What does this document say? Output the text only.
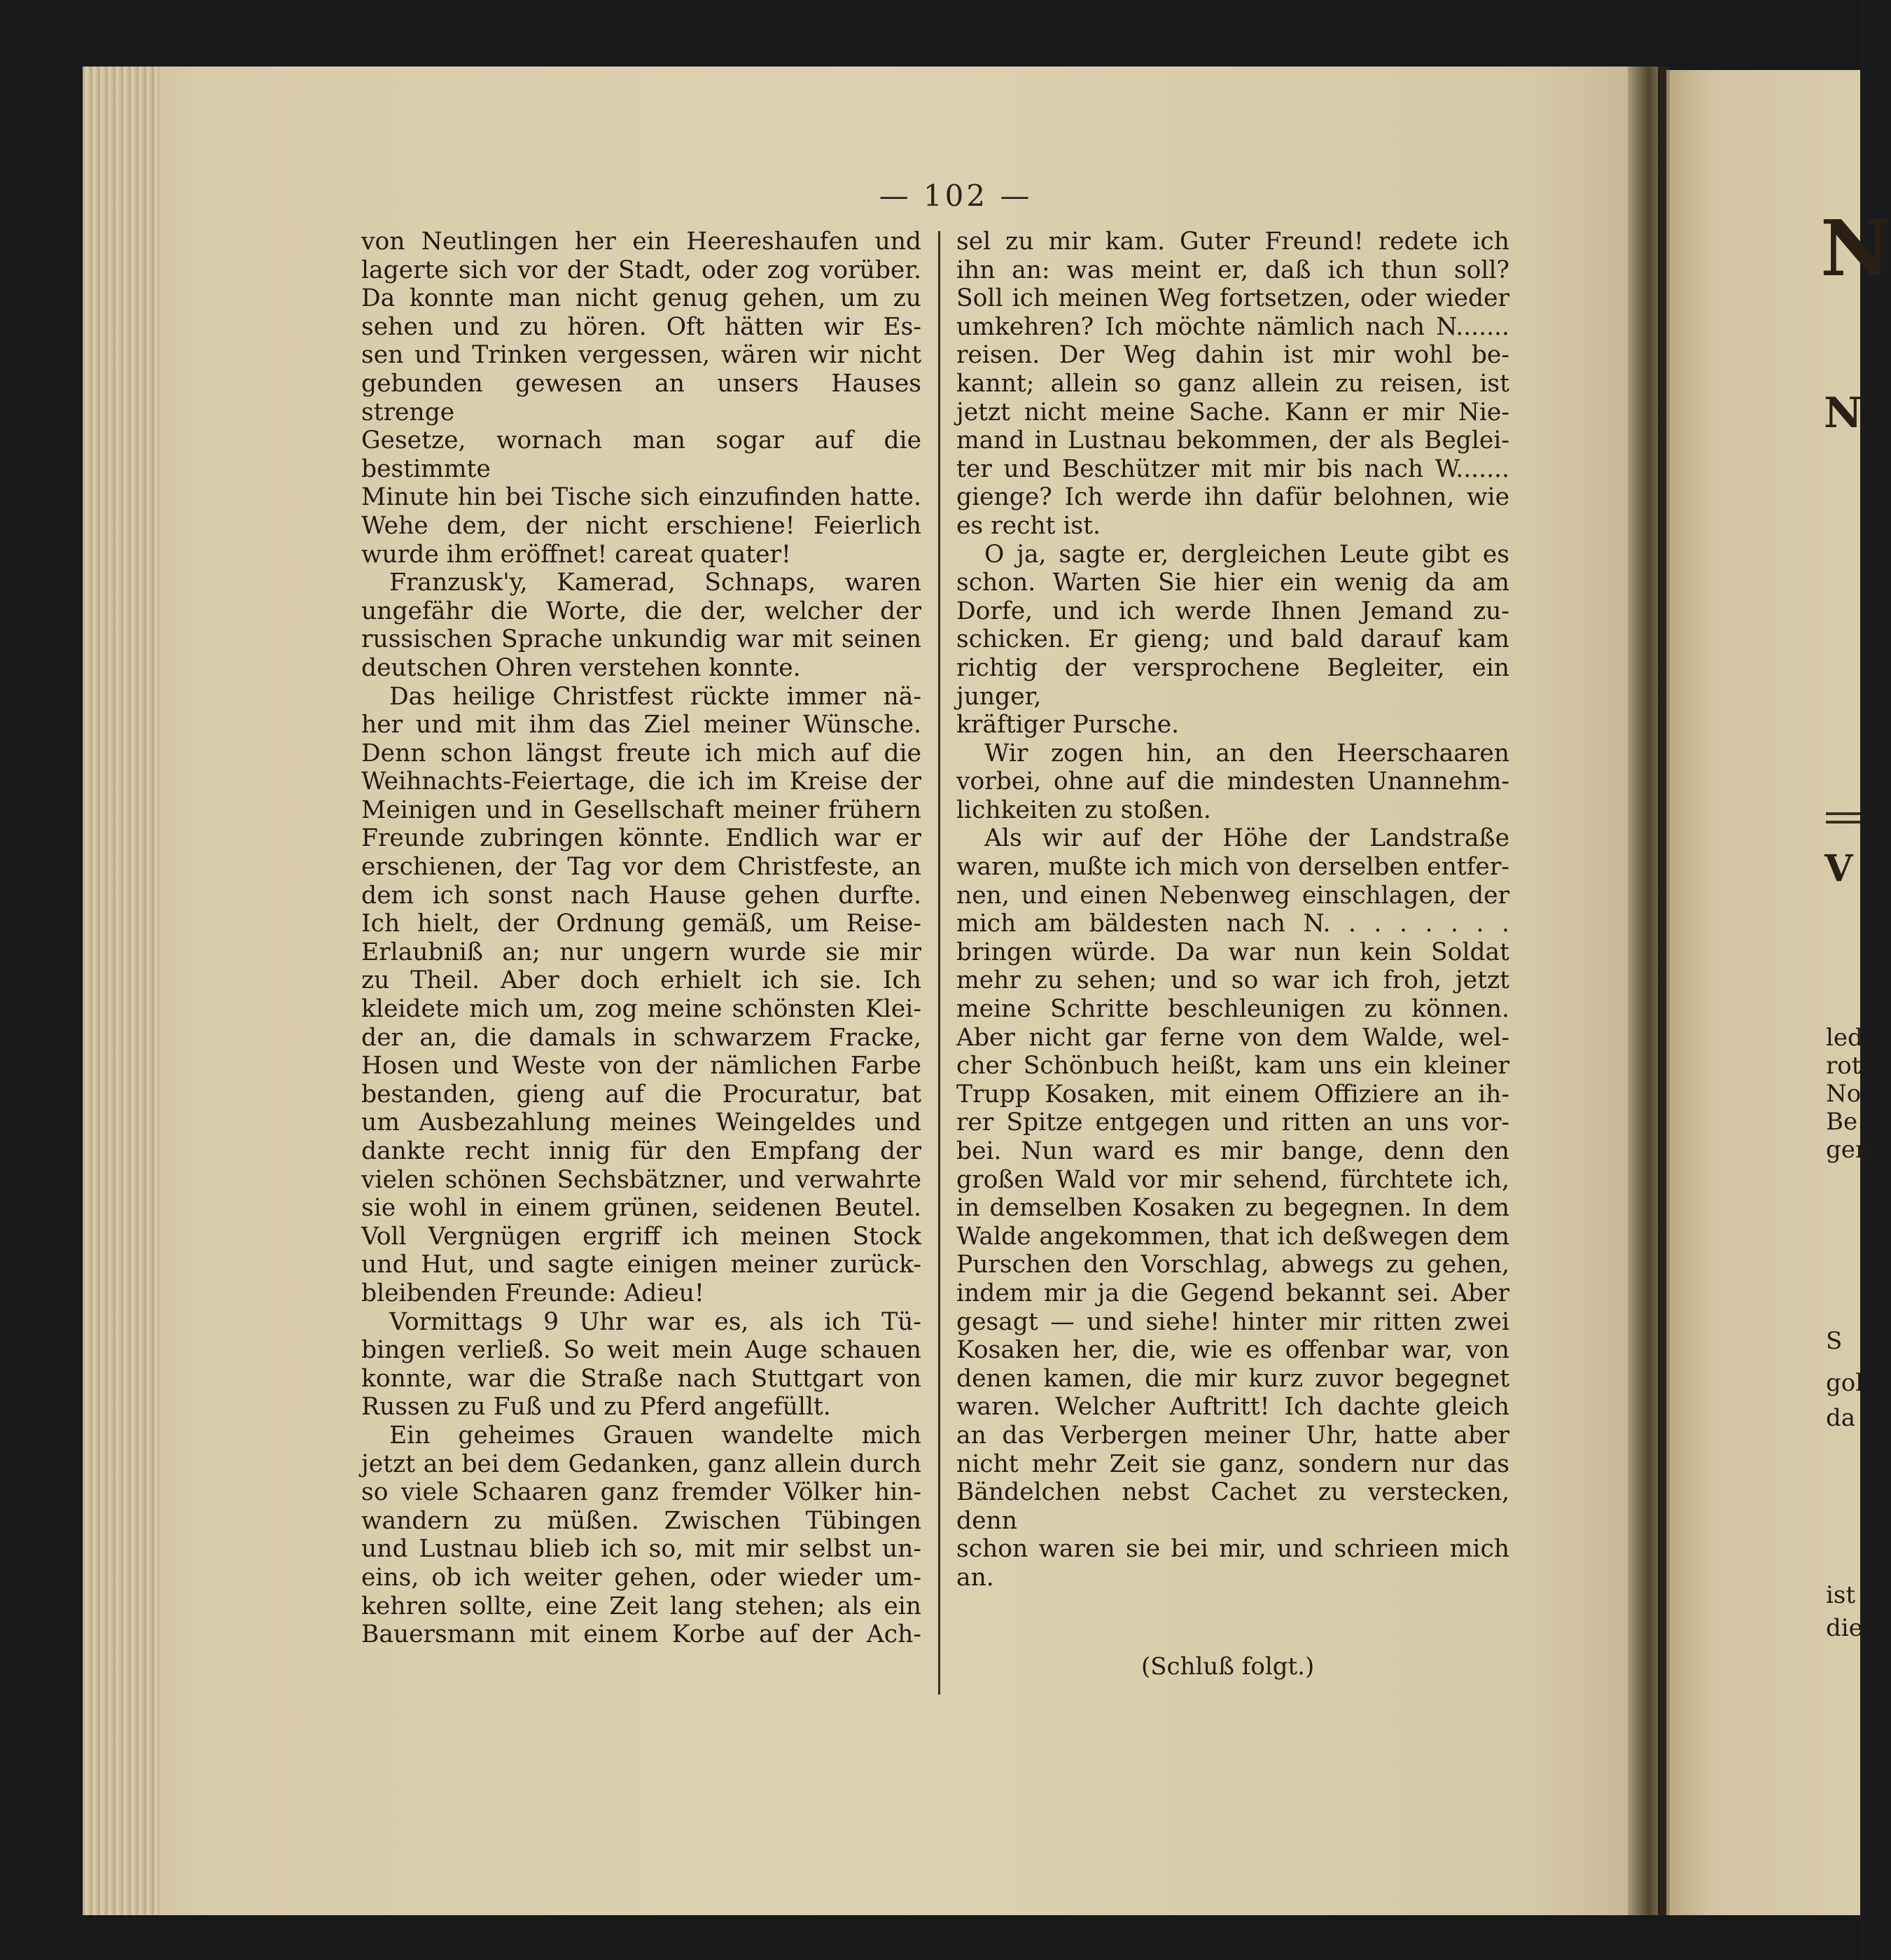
— 102 —

von Neutlingen her ein Heereshaufen und

lagerte sich vor der Stadt, oder zog vorüber.

Da konnte man nicht genug gehen, um zu

sehen und zu hören. Oft hätten wir Es-

sen und Trinken vergessen, wären wir nicht

gebunden gewesen an unsers Hauses strenge

Gesetze, wornach man sogar auf die bestimmte

Minute hin bei Tische sich einzufinden hatte.

Wehe dem, der nicht erschiene! Feierlich

wurde ihm eröffnet! careat quater!

Franzusk'y, Kamerad, Schnaps, waren

ungefähr die Worte, die der, welcher der

russischen Sprache unkundig war mit seinen

deutschen Ohren verstehen konnte.

Das heilige Christfest rückte immer nä-

her und mit ihm das Ziel meiner Wünsche.

Denn schon längst freute ich mich auf die

Weihnachts-Feiertage, die ich im Kreise der

Meinigen und in Gesellschaft meiner frühern

Freunde zubringen könnte. Endlich war er

erschienen, der Tag vor dem Christfeste, an

dem ich sonst nach Hause gehen durfte.

Ich hielt, der Ordnung gemäß, um Reise-

Erlaubniß an; nur ungern wurde sie mir

zu Theil. Aber doch erhielt ich sie. Ich

kleidete mich um, zog meine schönsten Klei-

der an, die damals in schwarzem Fracke,

Hosen und Weste von der nämlichen Farbe

bestanden, gieng auf die Procuratur, bat

um Ausbezahlung meines Weingeldes und

dankte recht innig für den Empfang der

vielen schönen Sechsbätzner, und verwahrte

sie wohl in einem grünen, seidenen Beutel.

Voll Vergnügen ergriff ich meinen Stock

und Hut, und sagte einigen meiner zurück-

bleibenden Freunde: Adieu!

Vormittags 9 Uhr war es, als ich Tü-

bingen verließ. So weit mein Auge schauen

konnte, war die Straße nach Stuttgart von

Russen zu Fuß und zu Pferd angefüllt.

Ein geheimes Grauen wandelte mich

jetzt an bei dem Gedanken, ganz allein durch

so viele Schaaren ganz fremder Völker hin-

wandern zu müßen. Zwischen Tübingen

und Lustnau blieb ich so, mit mir selbst un-

eins, ob ich weiter gehen, oder wieder um-

kehren sollte, eine Zeit lang stehen; als ein

Bauersmann mit einem Korbe auf der Ach-

sel zu mir kam. Guter Freund! redete ich

ihn an: was meint er, daß ich thun soll?

Soll ich meinen Weg fortsetzen, oder wieder

umkehren? Ich möchte nämlich nach N.......

reisen. Der Weg dahin ist mir wohl be-

kannt; allein so ganz allein zu reisen, ist

jetzt nicht meine Sache. Kann er mir Nie-

mand in Lustnau bekommen, der als Beglei-

ter und Beschützer mit mir bis nach W.......

gienge? Ich werde ihn dafür belohnen, wie

es recht ist.

O ja, sagte er, dergleichen Leute gibt es

schon. Warten Sie hier ein wenig da am

Dorfe, und ich werde Ihnen Jemand zu-

schicken. Er gieng; und bald darauf kam

richtig der versprochene Begleiter, ein junger,

kräftiger Pursche.

Wir zogen hin, an den Heerschaaren

vorbei, ohne auf die mindesten Unannehm-

lichkeiten zu stoßen.

Als wir auf der Höhe der Landstraße

waren, mußte ich mich von derselben entfer-

nen, und einen Nebenweg einschlagen, der

mich am bäldesten nach N. . . . . . . .

bringen würde. Da war nun kein Soldat

mehr zu sehen; und so war ich froh, jetzt

meine Schritte beschleunigen zu können.

Aber nicht gar ferne von dem Walde, wel-

cher Schönbuch heißt, kam uns ein kleiner

Trupp Kosaken, mit einem Offiziere an ih-

rer Spitze entgegen und ritten an uns vor-

bei. Nun ward es mir bange, denn den

großen Wald vor mir sehend, fürchtete ich,

in demselben Kosaken zu begegnen. In dem

Walde angekommen, that ich deßwegen dem

Purschen den Vorschlag, abwegs zu gehen,

indem mir ja die Gegend bekannt sei. Aber

gesagt — und siehe! hinter mir ritten zwei

Kosaken her, die, wie es offenbar war, von

denen kamen, die mir kurz zuvor begegnet

waren. Welcher Auftritt! Ich dachte gleich

an das Verbergen meiner Uhr, hatte aber

nicht mehr Zeit sie ganz, sondern nur das

Bändelchen nebst Cachet zu verstecken, denn

schon waren sie bei mir, und schrieen mich

an.

(Schluß folgt.)
N
N
V
led
rot
No
Be
gen
S
gol
da
ist
die
